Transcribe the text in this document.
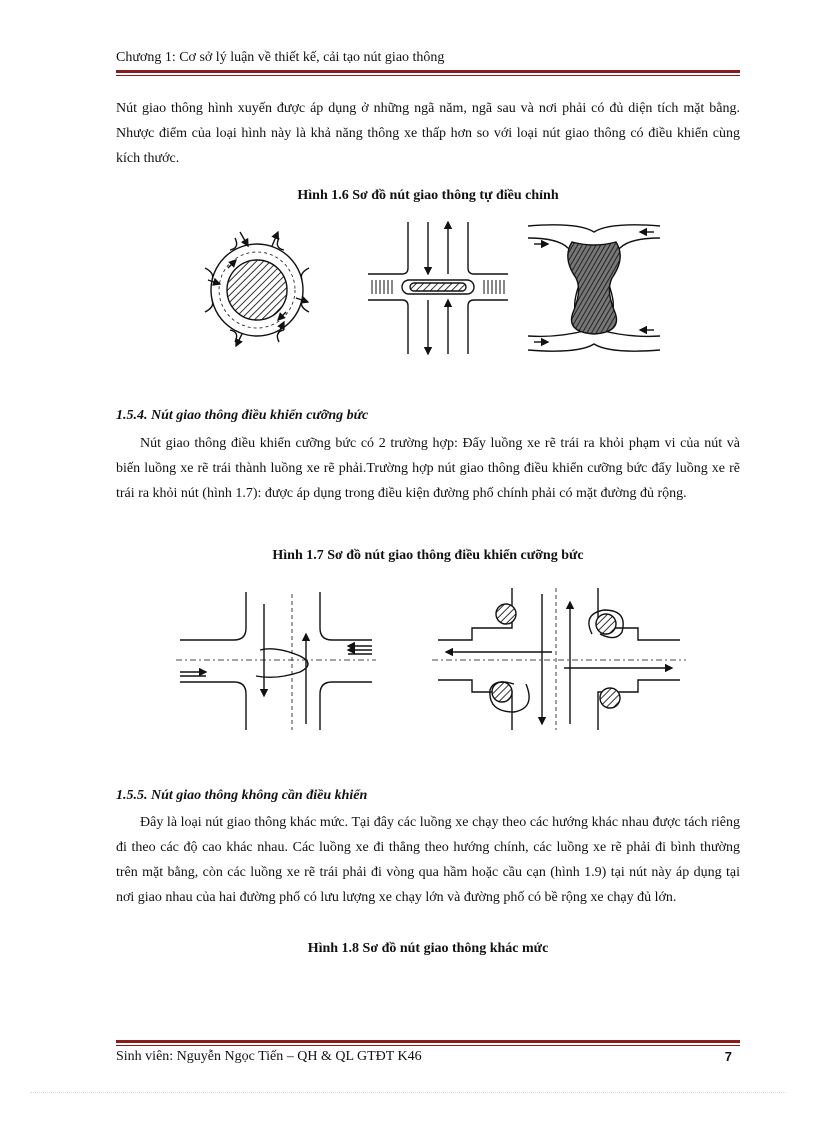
Chương 1: Cơ sở lý luận về thiết kế, cải tạo nút giao thông

Nút giao thông hình xuyến được áp dụng ở những ngã năm, ngã sau và nơi phải có đủ diện tích mặt bằng. Nhược điểm của loại hình này là khả năng thông xe thấp hơn so với loại nút giao thông có điều khiển cùng kích thước.

Hình 1.6 Sơ đồ nút giao thông tự điều chỉnh

1.5.4. Nút giao thông điều khiển cưỡng bức

Nút giao thông điều khiển cưỡng bức có 2 trường hợp: Đẩy luồng xe rẽ trái ra khỏi phạm vi của nút và biến luồng xe rẽ trái thành luồng xe rẽ phải.Trường hợp nút giao thông điều khiển cưỡng bức đẩy luồng xe rẽ trái ra khỏi nút (hình 1.7): được áp dụng trong điều kiện đường phố chính phải có mặt đường đủ rộng.

Hình 1.7 Sơ đồ nút giao thông điều khiển cưỡng bức

1.5.5. Nút giao thông không cần điều khiển

Đây là loại nút giao thông khác mức. Tại đây các luồng xe chạy theo các hướng khác nhau được tách riêng đi theo các độ cao khác nhau. Các luồng xe đi thẳng theo hướng chính, các luồng xe rẽ phải đi bình thường trên mặt bằng, còn các luồng xe rẽ trái phải đi vòng qua hầm hoặc cầu cạn (hình 1.9) tại nút này áp dụng tại nơi giao nhau của hai đường phố có lưu lượng xe chạy lớn và đường phố có bề rộng xe chạy đủ lớn.

Hình 1.8 Sơ đồ nút giao thông khác mức

Sinh viên: Nguyễn Ngọc Tiến – QH & QL GTĐT K46	7
